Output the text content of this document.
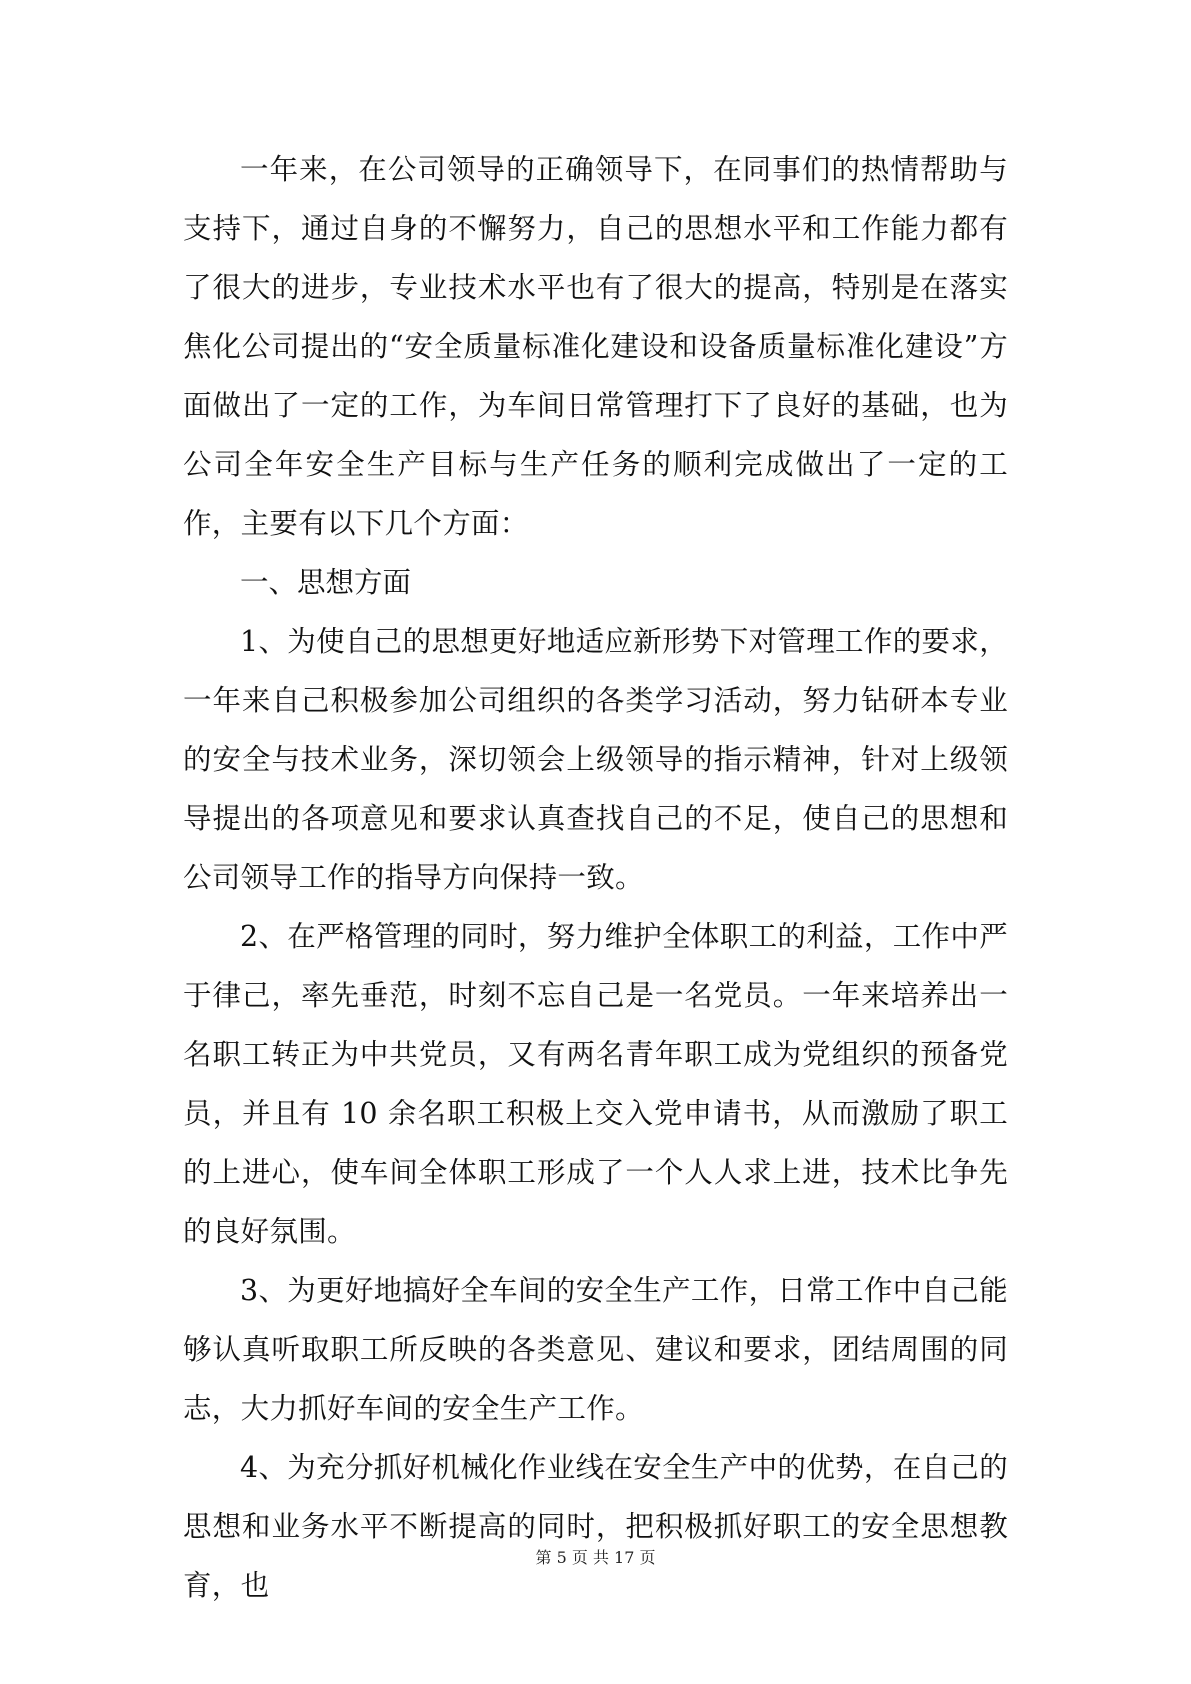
一年来，在公司领导的正确领导下，在同事们的热情帮助与支持下，通过自身的不懈努力，自己的思想水平和工作能力都有了很大的进步，专业技术水平也有了很大的提高，特别是在落实焦化公司提出的“安全质量标准化建设和设备质量标准化建设”方面做出了一定的工作，为车间日常管理打下了良好的基础，也为公司全年安全生产目标与生产任务的顺利完成做出了一定的工作，主要有以下几个方面：

一、思想方面

1、为使自己的思想更好地适应新形势下对管理工作的要求，一年来自己积极参加公司组织的各类学习活动，努力钻研本专业的安全与技术业务，深切领会上级领导的指示精神，针对上级领导提出的各项意见和要求认真查找自己的不足，使自己的思想和公司领导工作的指导方向保持一致。

2、在严格管理的同时，努力维护全体职工的利益，工作中严于律己，率先垂范，时刻不忘自己是一名党员。一年来培养出一名职工转正为中共党员，又有两名青年职工成为党组织的预备党员，并且有 10 余名职工积极上交入党申请书，从而激励了职工的上进心，使车间全体职工形成了一个人人求上进，技术比争先的良好氛围。

3、为更好地搞好全车间的安全生产工作，日常工作中自己能够认真听取职工所反映的各类意见、建议和要求，团结周围的同志，大力抓好车间的安全生产工作。

4、为充分抓好机械化作业线在安全生产中的优势，在自己的思想和业务水平不断提高的同时，把积极抓好职工的安全思想教育，也

第 5 页 共 17 页
